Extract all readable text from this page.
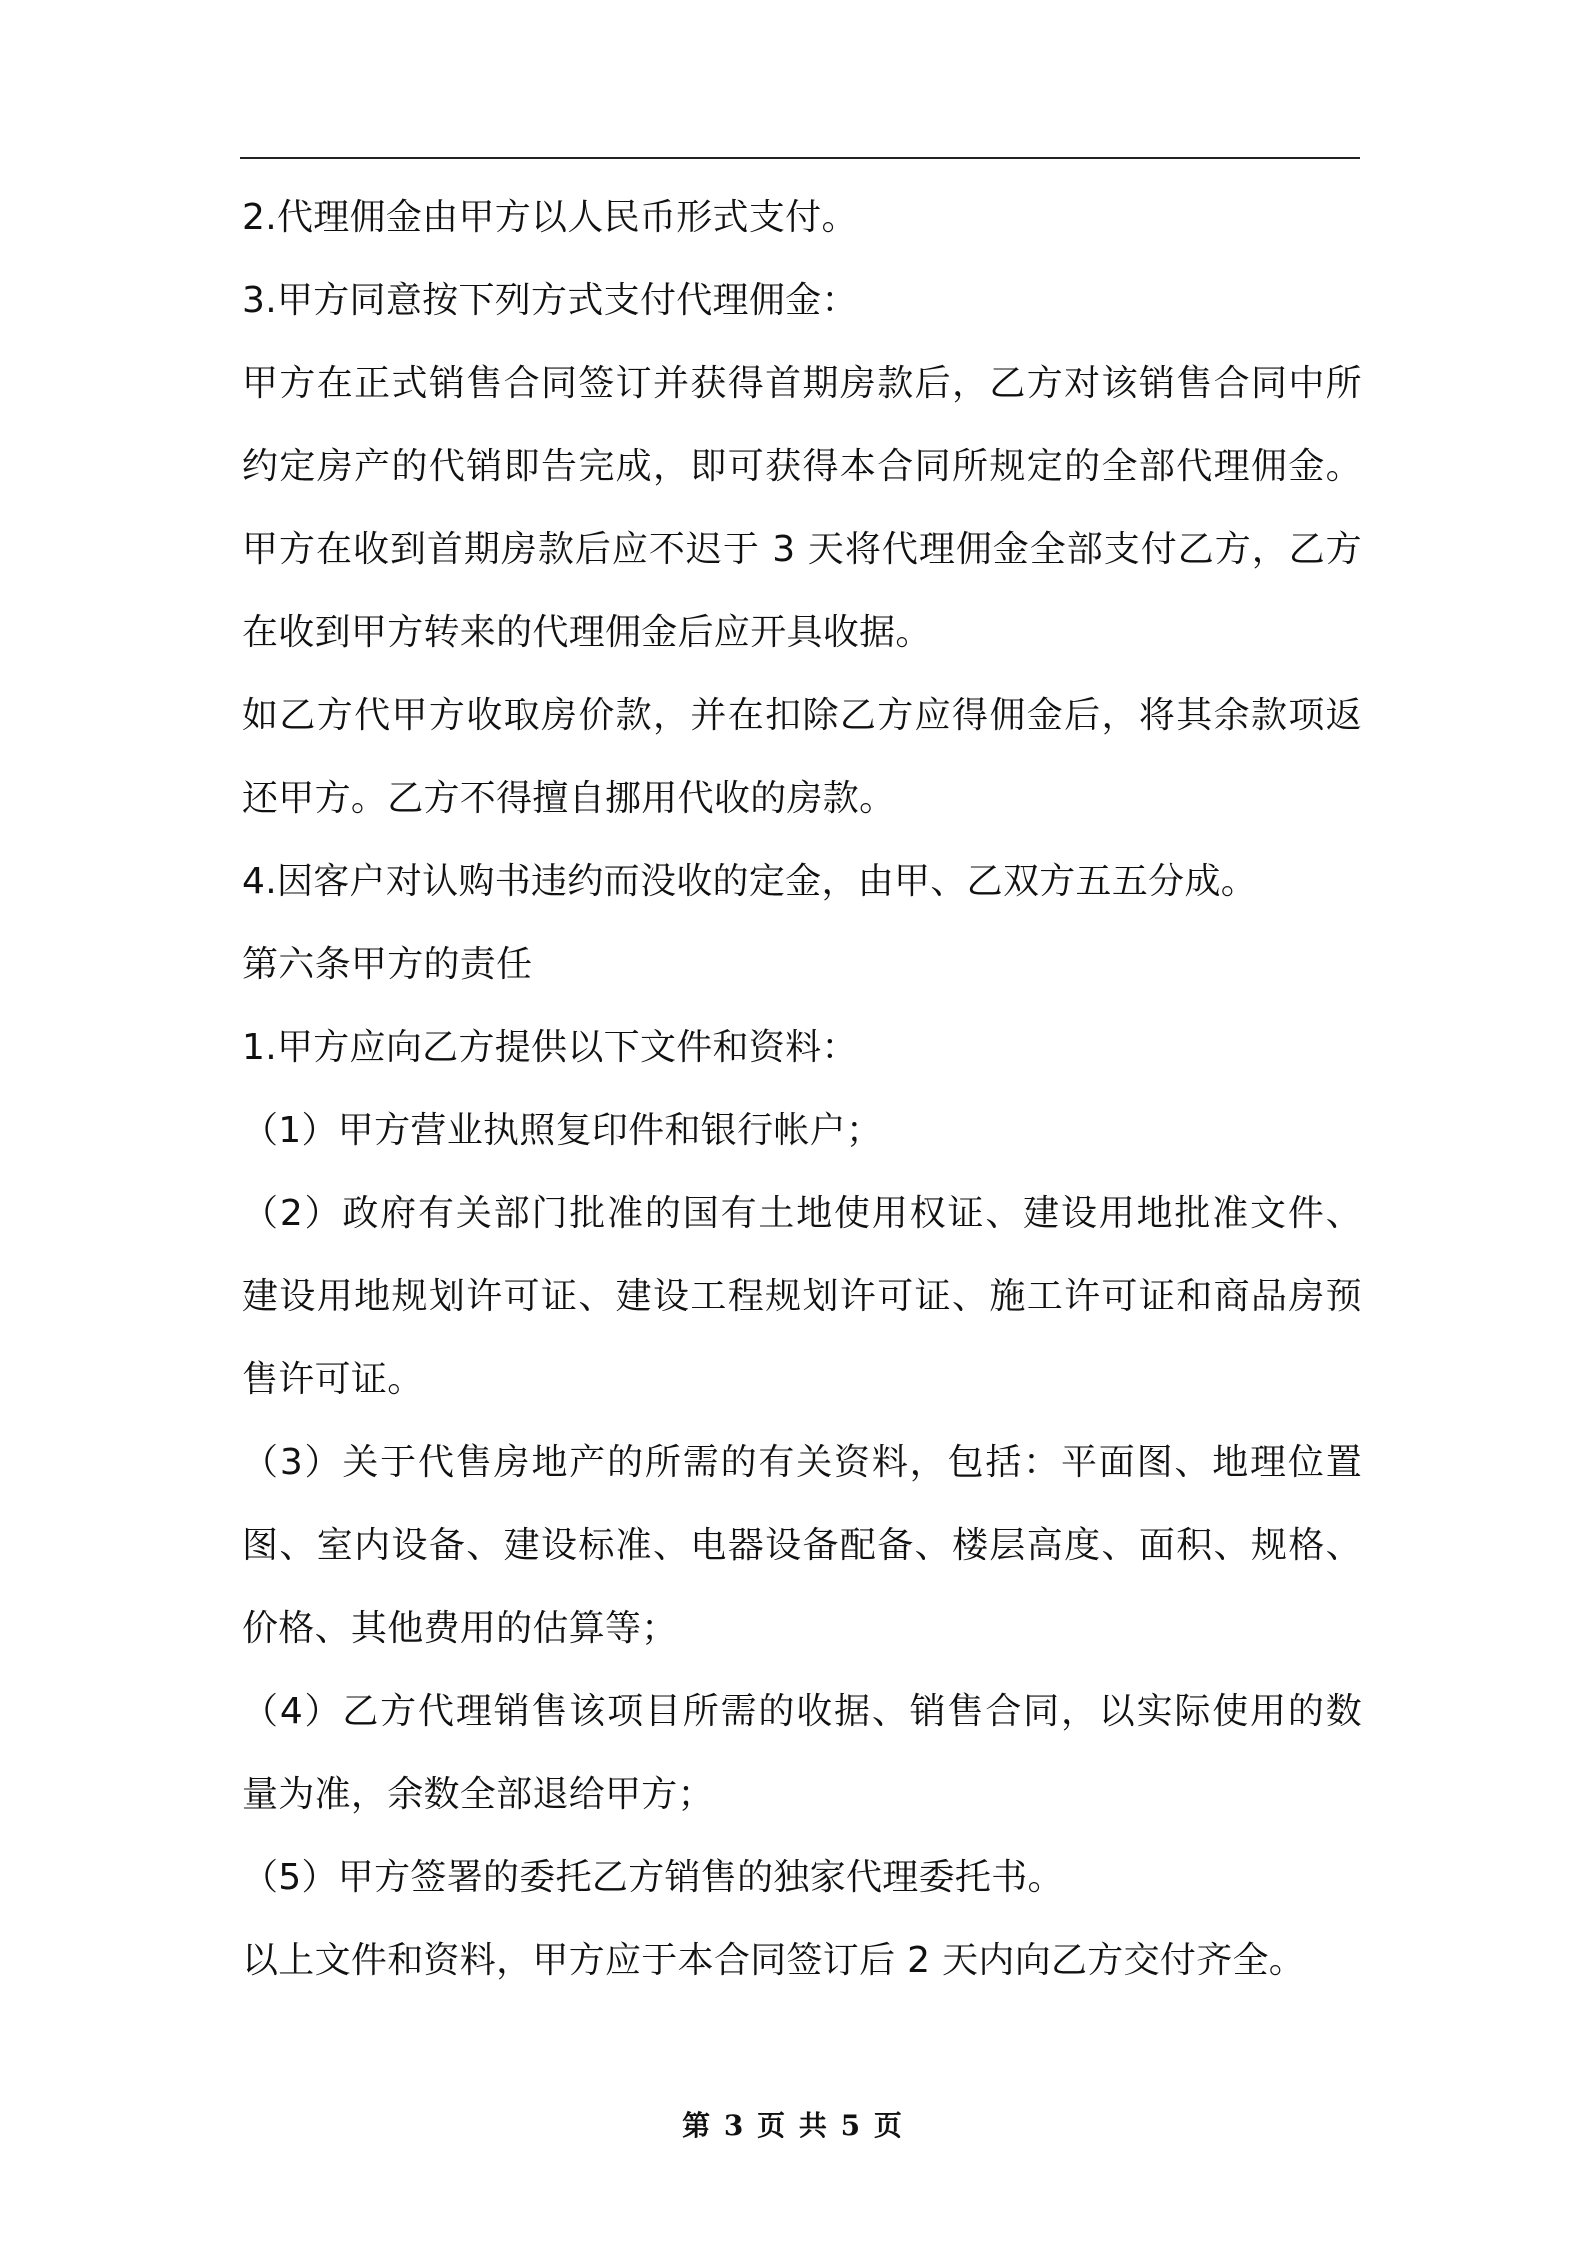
2.代理佣金由甲方以人民币形式支付。
3.甲方同意按下列方式支付代理佣金：
甲方在正式销售合同签订并获得首期房款后，乙方对该销售合同中所
约定房产的代销即告完成，即可获得本合同所规定的全部代理佣金。
甲方在收到首期房款后应不迟于 3 天将代理佣金全部支付乙方，乙方
在收到甲方转来的代理佣金后应开具收据。
如乙方代甲方收取房价款，并在扣除乙方应得佣金后，将其余款项返
还甲方。乙方不得擅自挪用代收的房款。
4.因客户对认购书违约而没收的定金，由甲、乙双方五五分成。
第六条甲方的责任
1.甲方应向乙方提供以下文件和资料：
（1）甲方营业执照复印件和银行帐户；
（2）政府有关部门批准的国有土地使用权证、建设用地批准文件、
建设用地规划许可证、建设工程规划许可证、施工许可证和商品房预
售许可证。
（3）关于代售房地产的所需的有关资料，包括：平面图、地理位置
图、室内设备、建设标准、电器设备配备、楼层高度、面积、规格、
价格、其他费用的估算等；
（4）乙方代理销售该项目所需的收据、销售合同，以实际使用的数
量为准，余数全部退给甲方；
（5）甲方签署的委托乙方销售的独家代理委托书。
以上文件和资料，甲方应于本合同签订后 2 天内向乙方交付齐全。
第 3 页 共 5 页
